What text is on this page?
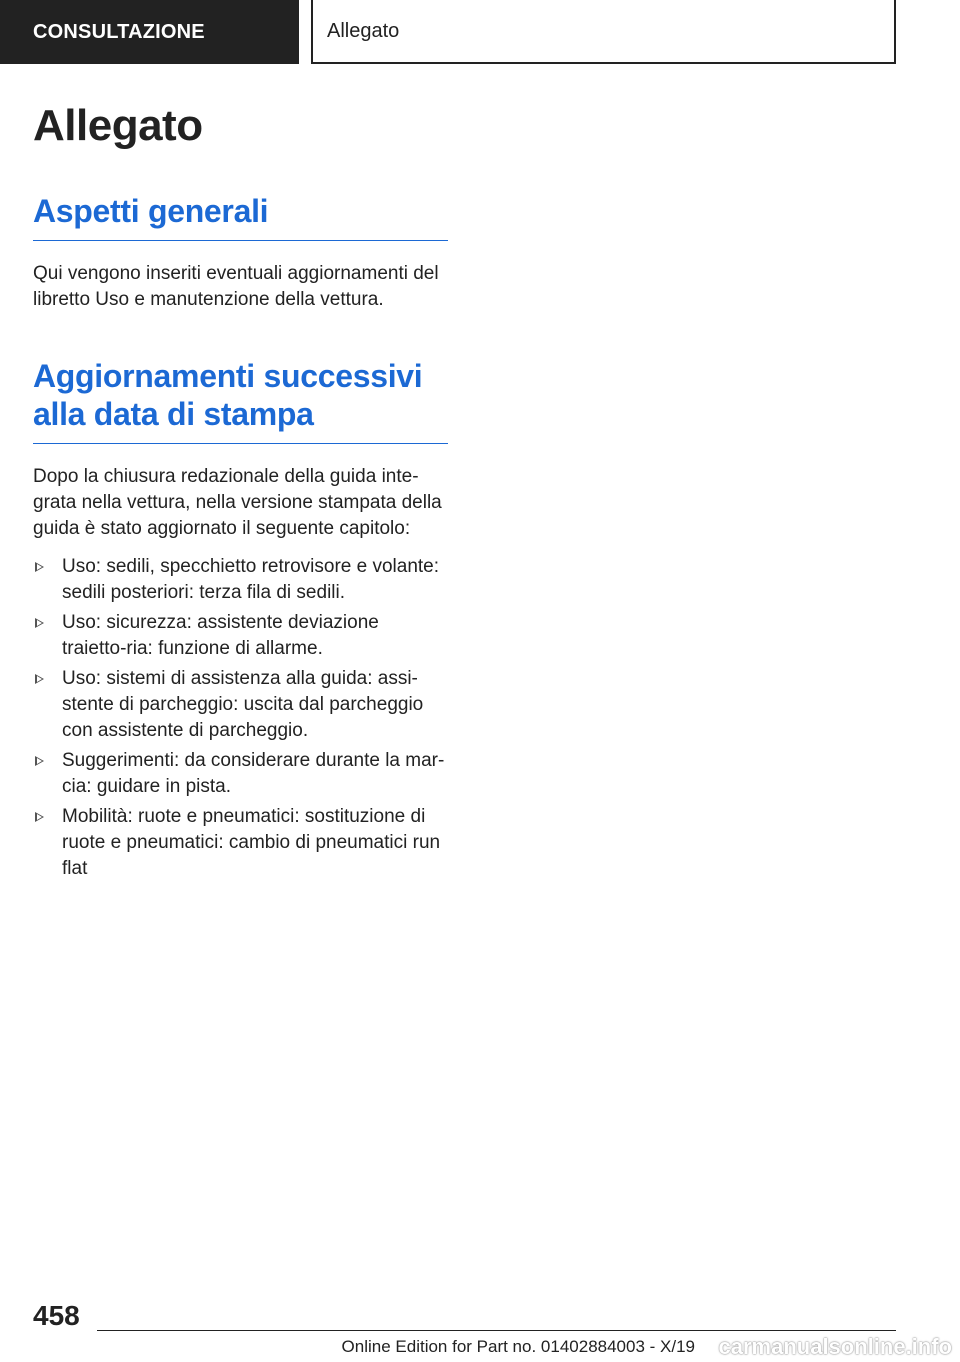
CONSULTAZIONE	Allegato
Allegato
Aspetti generali

Qui vengono inseriti eventuali aggiornamenti del libretto Uso e manutenzione della vettura.

Aggiornamenti successivi alla data di stampa

Dopo la chiusura redazionale della guida inte-grata nella vettura, nella versione stampata della guida è stato aggiornato il seguente capitolo:

Uso: sedili, specchietto retrovisore e volante: sedili posteriori: terza fila di sedili.
Uso: sicurezza: assistente deviazione traietto-ria: funzione di allarme.
Uso: sistemi di assistenza alla guida: assi-stente di parcheggio: uscita dal parcheggio con assistente di parcheggio.
Suggerimenti: da considerare durante la mar-cia: guidare in pista.
Mobilità: ruote e pneumatici: sostituzione di ruote e pneumatici: cambio di pneumatici run flat
458
Online Edition for Part no. 01402884003 - X/19 carmanualsonline.info
